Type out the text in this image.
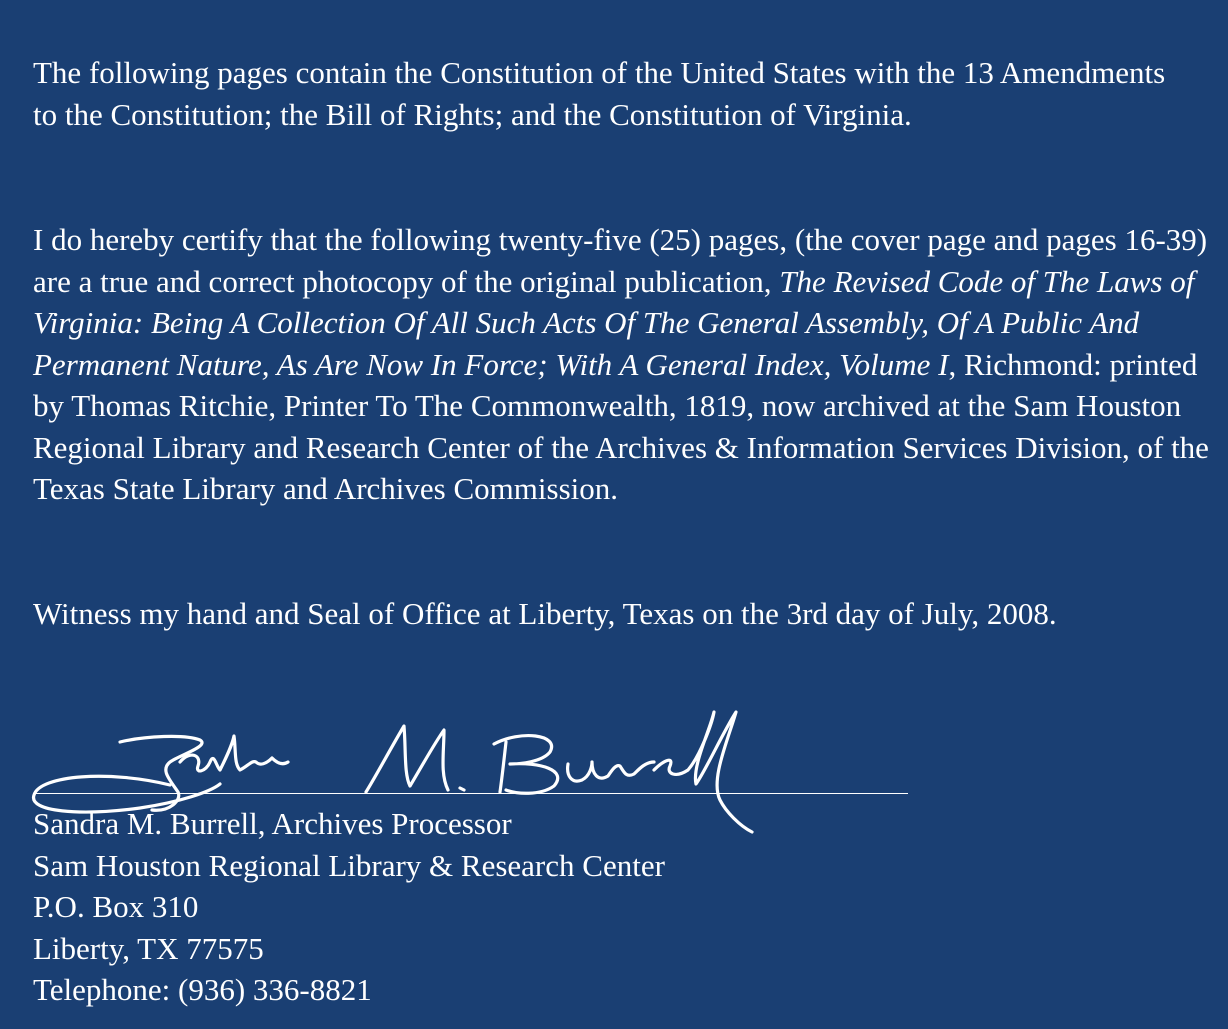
The following pages contain the Constitution of the United States with the 13 Amendments to the Constitution; the Bill of Rights; and the Constitution of Virginia.

I do hereby certify that the following twenty-five (25) pages, (the cover page and pages 16-39) are a true and correct photocopy of the original publication, The Revised Code of The Laws of Virginia: Being A Collection Of All Such Acts Of The General Assembly, Of A Public And Permanent Nature, As Are Now In Force; With A General Index, Volume I, Richmond: printed by Thomas Ritchie, Printer To The Commonwealth, 1819, now archived at the Sam Houston Regional Library and Research Center of the Archives & Information Services Division, of the Texas State Library and Archives Commission.

Witness my hand and Seal of Office at Liberty, Texas on the 3rd day of July, 2008.

Sandra M. Burrell, Archives Processor
Sam Houston Regional Library & Research Center
P.O. Box 310
Liberty, TX 77575
Telephone: (936) 336-8821
